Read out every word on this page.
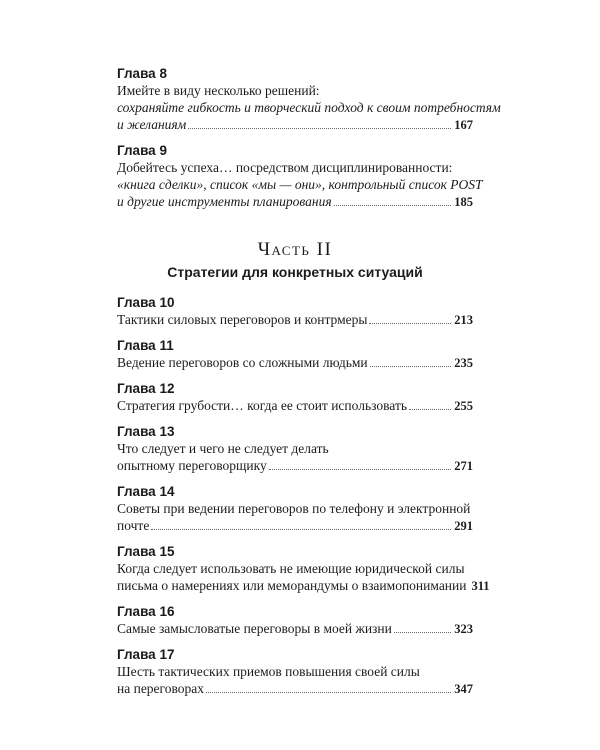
Глава 8
Имейте в виду несколько решений:
сохраняйте гибкость и творческий подход к своим потребностям
и желаниям	167
Глава 9
Добейтесь успеха… посредством дисциплинированности:
«книга сделки», список «мы — они», контрольный список POST
и другие инструменты планирования	185
Часть II
Стратегии для конкретных ситуаций
Глава 10
Тактики силовых переговоров и контрмеры	213
Глава 11
Ведение переговоров со сложными людьми	235
Глава 12
Стратегия грубости… когда ее стоит использовать	255
Глава 13
Что следует и чего не следует делать
опытному переговорщику	271
Глава 14
Советы при ведении переговоров по телефону и электронной
почте	291
Глава 15
Когда следует использовать не имеющие юридической силы
письма о намерениях или меморандумы о взаимопонимании 311
Глава 16
Самые замысловатые переговоры в моей жизни	323
Глава 17
Шесть тактических приемов повышения своей силы
на переговорах	347
